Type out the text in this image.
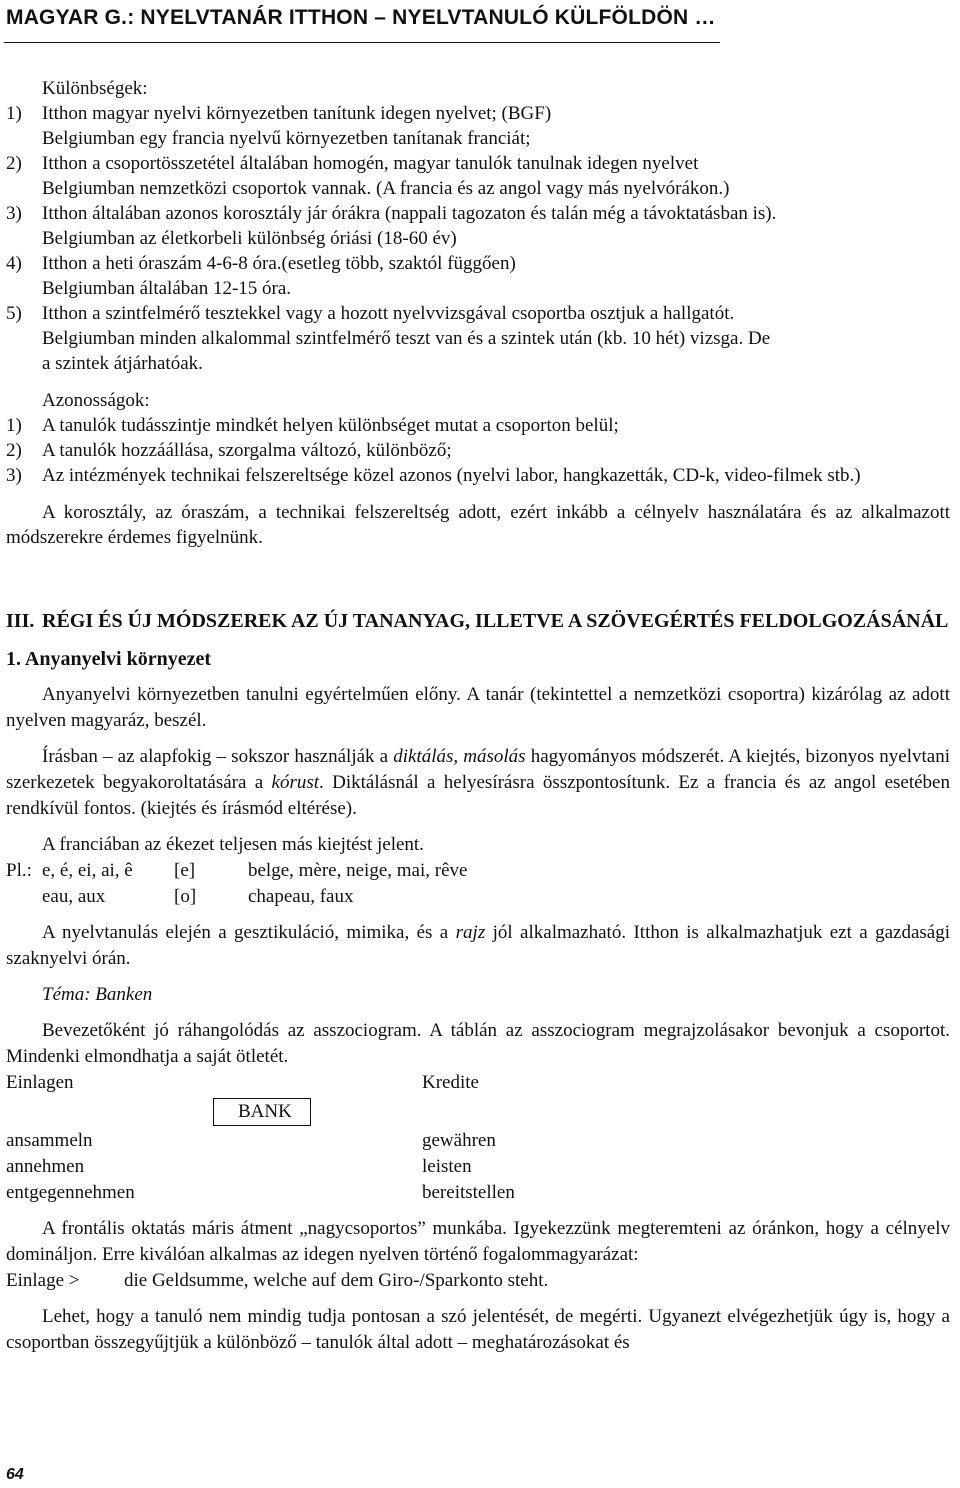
MAGYAR G.: NYELVTANÁR ITTHON – NYELVTANULÓ KÜLFÖLDÖN …

Különbségek:

1) Itthon magyar nyelvi környezetben tanítunk idegen nyelvet; (BGF)

Belgiumban egy francia nyelvű környezetben tanítanak franciát;

2) Itthon a csoportösszetétel általában homogén, magyar tanulók tanulnak idegen nyelvet

Belgiumban nemzetközi csoportok vannak. (A francia és az angol vagy más nyelvórákon.)

3) Itthon általában azonos korosztály jár órákra (nappali tagozaton és talán még a távoktatásban is).

Belgiumban az életkorbeli különbség óriási (18-60 év)

4) Itthon a heti óraszám 4-6-8 óra.(esetleg több, szaktól függően)

Belgiumban általában 12-15 óra.

5) Itthon a szintfelmérő tesztekkel vagy a hozott nyelvvizsgával csoportba osztjuk a hallgatót.

Belgiumban minden alkalommal szintfelmérő teszt van és a szintek után (kb. 10 hét) vizsga. De

a szintek átjárhatóak.

Azonosságok:

1) A tanulók tudásszintje mindkét helyen különbséget mutat a csoporton belül;
2) A tanulók hozzáállása, szorgalma változó, különböző;
3) Az intézmények technikai felszereltsége közel azonos (nyelvi labor, hangkazetták, CD-k, video-filmek stb.)

A korosztály, az óraszám, a technikai felszereltség adott, ezért inkább a célnyelv használatára és az alkalmazott módszerekre érdemes figyelnünk.

III. RÉGI ÉS ÚJ MÓDSZEREK AZ ÚJ TANANYAG, ILLETVE A SZÖVEGÉRTÉS FELDOLGOZÁSÁNÁL

1. Anyanyelvi környezet

Anyanyelvi környezetben tanulni egyértelműen előny. A tanár (tekintettel a nemzetközi csoportra) kizárólag az adott nyelven magyaráz, beszél.

Írásban – az alapfokig – sokszor használják a diktálás, másolás hagyományos módszerét. A kiejtés, bizonyos nyelvtani szerkezetek begyakoroltatására a kórust. Diktálásnál a helyesírásra összpontosítunk. Ez a francia és az angol esetében rendkívül fontos. (kiejtés és írásmód eltérése).

A franciában az ékezet teljesen más kiejtést jelent.

Pl.:	e, é, ei, ai, ê	[e]	belge, mère, neige, mai, rêve
	eau, aux	[o]	chapeau, faux

A nyelvtanulás elején a gesztikuláció, mimika, és a rajz jól alkalmazható. Itthon is alkalmazhatjuk ezt a gazdasági szaknyelvi órán.

Téma: Banken

Bevezetőként jó ráhangolódás az asszociogram. A táblán az asszociogram megrajzolásakor bevonjuk a csoportot. Mindenki elmondhatja a saját ötletét.

Einlagen	Kredite
BANK
ansammeln	gewähren
annehmen	leisten
entgegennehmen	bereitstellen

A frontális oktatás máris átment „nagycsoportos” munkába. Igyekezzünk megteremteni az óránkon, hogy a célnyelv domináljon. Erre kiválóan alkalmas az idegen nyelven történő fogalommagyarázat:

Einlage >	die Geldsumme, welche auf dem Giro-/Sparkonto steht.

Lehet, hogy a tanuló nem mindig tudja pontosan a szó jelentését, de megérti. Ugyanezt elvégezhetjük úgy is, hogy a csoportban összegyűjtjük a különböző – tanulók által adott – meghatározásokat és

64
